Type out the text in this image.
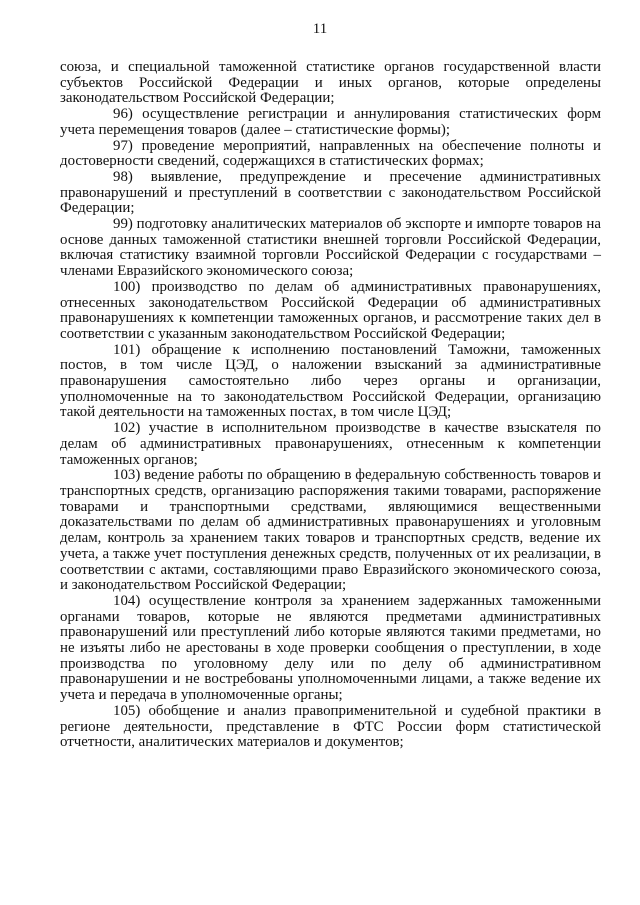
11

союза, и специальной таможенной статистике органов государственной власти субъектов Российской Федерации и иных органов, которые определены законодательством Российской Федерации;

96) осуществление регистрации и аннулирования статистических форм учета перемещения товаров (далее – статистические формы);

97) проведение мероприятий, направленных на обеспечение полноты и достоверности сведений, содержащихся в статистических формах;

98) выявление, предупреждение и пресечение административных правонарушений и преступлений в соответствии с законодательством Российской Федерации;

99) подготовку аналитических материалов об экспорте и импорте товаров на основе данных таможенной статистики внешней торговли Российской Федерации, включая статистику взаимной торговли Российской Федерации с государствами – членами Евразийского экономического союза;

100) производство по делам об административных правонарушениях, отнесенных законодательством Российской Федерации об административных правонарушениях к компетенции таможенных органов, и рассмотрение таких дел в соответствии с указанным законодательством Российской Федерации;

101) обращение к исполнению постановлений Таможни, таможенных постов, в том числе ЦЭД, о наложении взысканий за административные правонарушения самостоятельно либо через органы и организации, уполномоченные на то законодательством Российской Федерации, организацию такой деятельности на таможенных постах, в том числе ЦЭД;

102) участие в исполнительном производстве в качестве взыскателя по делам об административных правонарушениях, отнесенным к компетенции таможенных органов;

103) ведение работы по обращению в федеральную собственность товаров и транспортных средств, организацию распоряжения такими товарами, распоряжение товарами и транспортными средствами, являющимися вещественными доказательствами по делам об административных правонарушениях и уголовным делам, контроль за хранением таких товаров и транспортных средств, ведение их учета, а также учет поступления денежных средств, полученных от их реализации, в соответствии с актами, составляющими право Евразийского экономического союза, и законодательством Российской Федерации;

104) осуществление контроля за хранением задержанных таможенными органами товаров, которые не являются предметами административных правонарушений или преступлений либо которые являются такими предметами, но не изъяты либо не арестованы в ходе проверки сообщения о преступлении, в ходе производства по уголовному делу или по делу об административном правонарушении и не востребованы уполномоченными лицами, а также ведение их учета и передача в уполномоченные органы;

105) обобщение и анализ правоприменительной и судебной практики в регионе деятельности, представление в ФТС России форм статистической отчетности, аналитических материалов и документов;
